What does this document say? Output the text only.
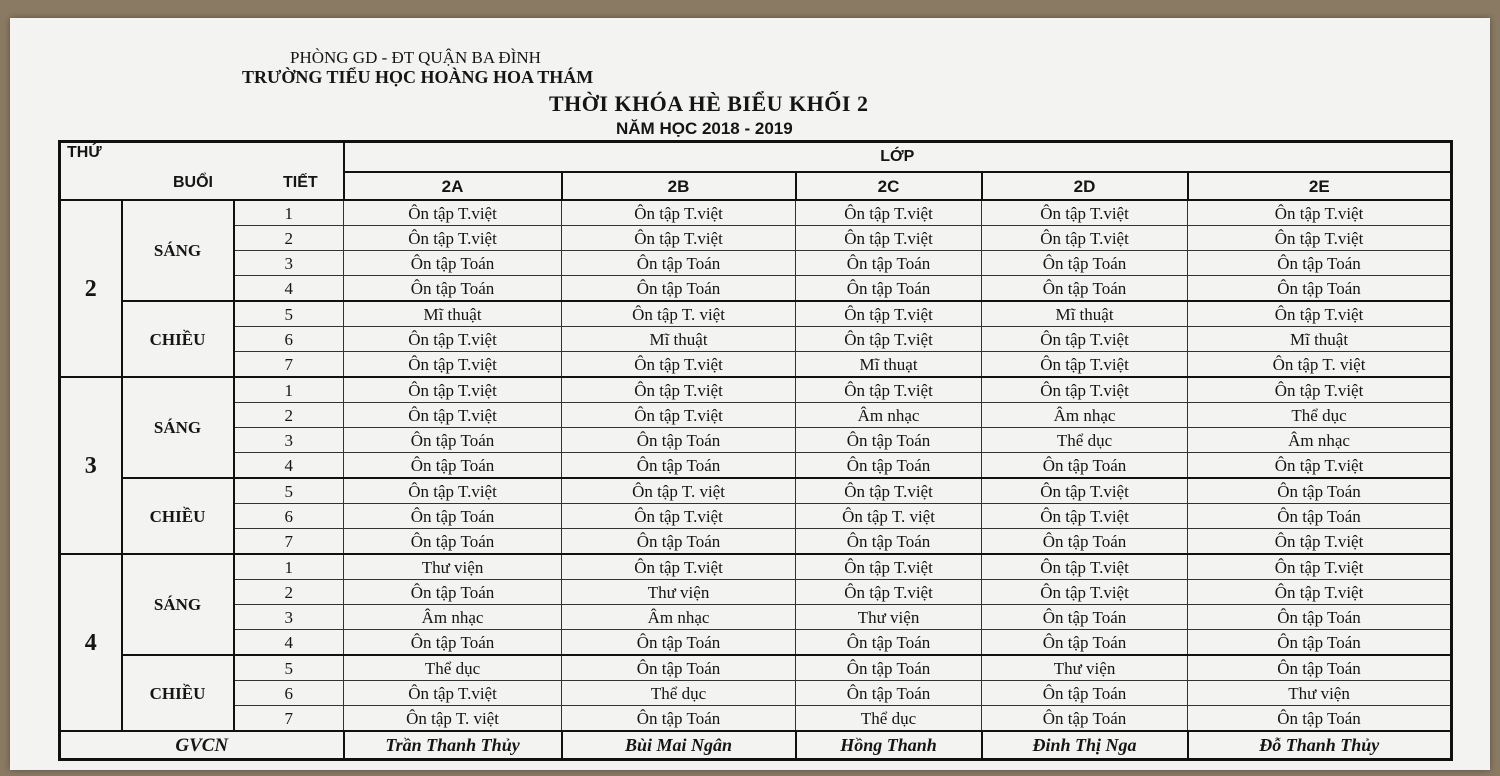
PHÒNG GD - ĐT QUẬN BA ĐÌNH
TRƯỜNG TIỂU HỌC HOÀNG HOA THÁM
THỜI KHÓA HÈ BIỂU KHỐI 2
NĂM HỌC 2018 - 2019
THỨ
BUỔI TIẾT			LỚP				
			2A	2B	2C	2D	2E
2	SÁNG	1	Ôn tập T.việt	Ôn tập T.việt	Ôn tập T.việt	Ôn tập T.việt	Ôn tập T.việt
		2	Ôn tập T.việt	Ôn tập T.việt	Ôn tập T.việt	Ôn tập T.việt	Ôn tập T.việt
		3	Ôn tập Toán	Ôn tập Toán	Ôn tập Toán	Ôn tập Toán	Ôn tập Toán
		4	Ôn tập Toán	Ôn tập Toán	Ôn tập Toán	Ôn tập Toán	Ôn tập Toán
	CHIỀU	5	Mĩ thuật	Ôn tập T. việt	Ôn tập T.việt	Mĩ thuật	Ôn tập T.việt
		6	Ôn tập T.việt	Mĩ thuật	Ôn tập T.việt	Ôn tập T.việt	Mĩ thuật
		7	Ôn tập T.việt	Ôn tập T.việt	Mĩ thuạt	Ôn tập T.việt	Ôn tập T. việt
3	SÁNG	1	Ôn tập T.việt	Ôn tập T.việt	Ôn tập T.việt	Ôn tập T.việt	Ôn tập T.việt
		2	Ôn tập T.việt	Ôn tập T.việt	Âm nhạc	Âm nhạc	Thể dục
		3	Ôn tập Toán	Ôn tập Toán	Ôn tập Toán	Thể dục	Âm nhạc
		4	Ôn tập Toán	Ôn tập Toán	Ôn tập Toán	Ôn tập Toán	Ôn tập T.việt
	CHIỀU	5	Ôn tập T.việt	Ôn tập T. việt	Ôn tập T.việt	Ôn tập T.việt	Ôn tập Toán
		6	Ôn tập Toán	Ôn tập T.việt	Ôn tập T. việt	Ôn tập T.việt	Ôn tập Toán
		7	Ôn tập Toán	Ôn tập Toán	Ôn tập Toán	Ôn tập Toán	Ôn tập T.việt
4	SÁNG	1	Thư viện	Ôn tập T.việt	Ôn tập T.việt	Ôn tập T.việt	Ôn tập T.việt
		2	Ôn tập Toán	Thư viện	Ôn tập T.việt	Ôn tập T.việt	Ôn tập T.việt
		3	Âm nhạc	Âm nhạc	Thư viện	Ôn tập Toán	Ôn tập Toán
		4	Ôn tập Toán	Ôn tập Toán	Ôn tập Toán	Ôn tập Toán	Ôn tập Toán
	CHIỀU	5	Thể dục	Ôn tập Toán	Ôn tập Toán	Thư viện	Ôn tập Toán
		6	Ôn tập T.việt	Thể dục	Ôn tập Toán	Ôn tập Toán	Thư viện
		7	Ôn tập T. việt	Ôn tập Toán	Thể dục	Ôn tập Toán	Ôn tập Toán
GVCN			Trần Thanh Thủy	Bùi Mai Ngân	Hồng Thanh	Đinh Thị Nga	Đỗ Thanh Thủy
